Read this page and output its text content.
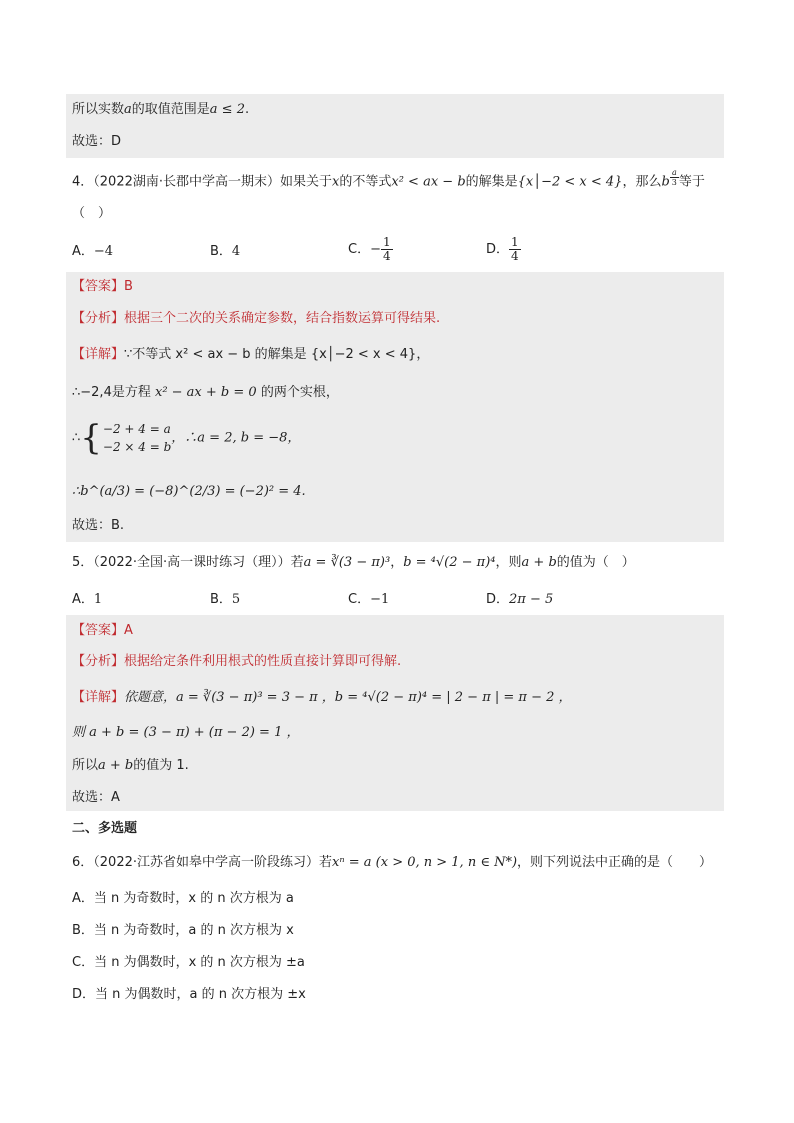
所以实数a的取值范围是a ≤ 2.
故选：D
4．（2022湖南·长郡中学高一期末）如果关于x的不等式x² < ax − b的解集是{x│−2 < x < 4}，那么b $^{\frac{a}{3}}$ 等于
（　）
A．−4	B．4	C．− $\frac{1}{4}$	D． $\frac{1}{4}$
【答案】B
【分析】根据三个二次的关系确定参数，结合指数运算可得结果.
【详解】∵不等式 x² < ax − b 的解集是 {x│−2 < x < 4}，
∴−2,4是方程 x² − ax + b = 0 的两个实根，
∴{ −2 + 4 = a
−2 × 4 = b
，∴a = 2, b = −8，
∴b^(a/3) = (−8)^(2/3) = (−2)² = 4.
故选：B.
5．（2022·全国·高一课时练习（理））若a = ∛(3 − π)³，b = ⁴√(2 − π)⁴，则a + b的值为（　）
A．1	B．5	C．−1	D．2π − 5
【答案】A
【分析】根据给定条件利用根式的性质直接计算即可得解.
【详解】依题意，a = ∛(3 − π)³ = 3 − π ，b = ⁴√(2 − π)⁴ = | 2 − π | = π − 2 ，
则 a + b = (3 − π) + (π − 2) = 1 ，
所以a + b的值为 1.
故选：A
二、多选题
6．（2022·江苏省如皋中学高一阶段练习）若xⁿ = a (x > 0, n > 1, n ∈ N*)，则下列说法中正确的是（　　）
A．当 n 为奇数时，x 的 n 次方根为 a
B．当 n 为奇数时，a 的 n 次方根为 x
C．当 n 为偶数时，x 的 n 次方根为 ±a
D．当 n 为偶数时，a 的 n 次方根为 ±x
